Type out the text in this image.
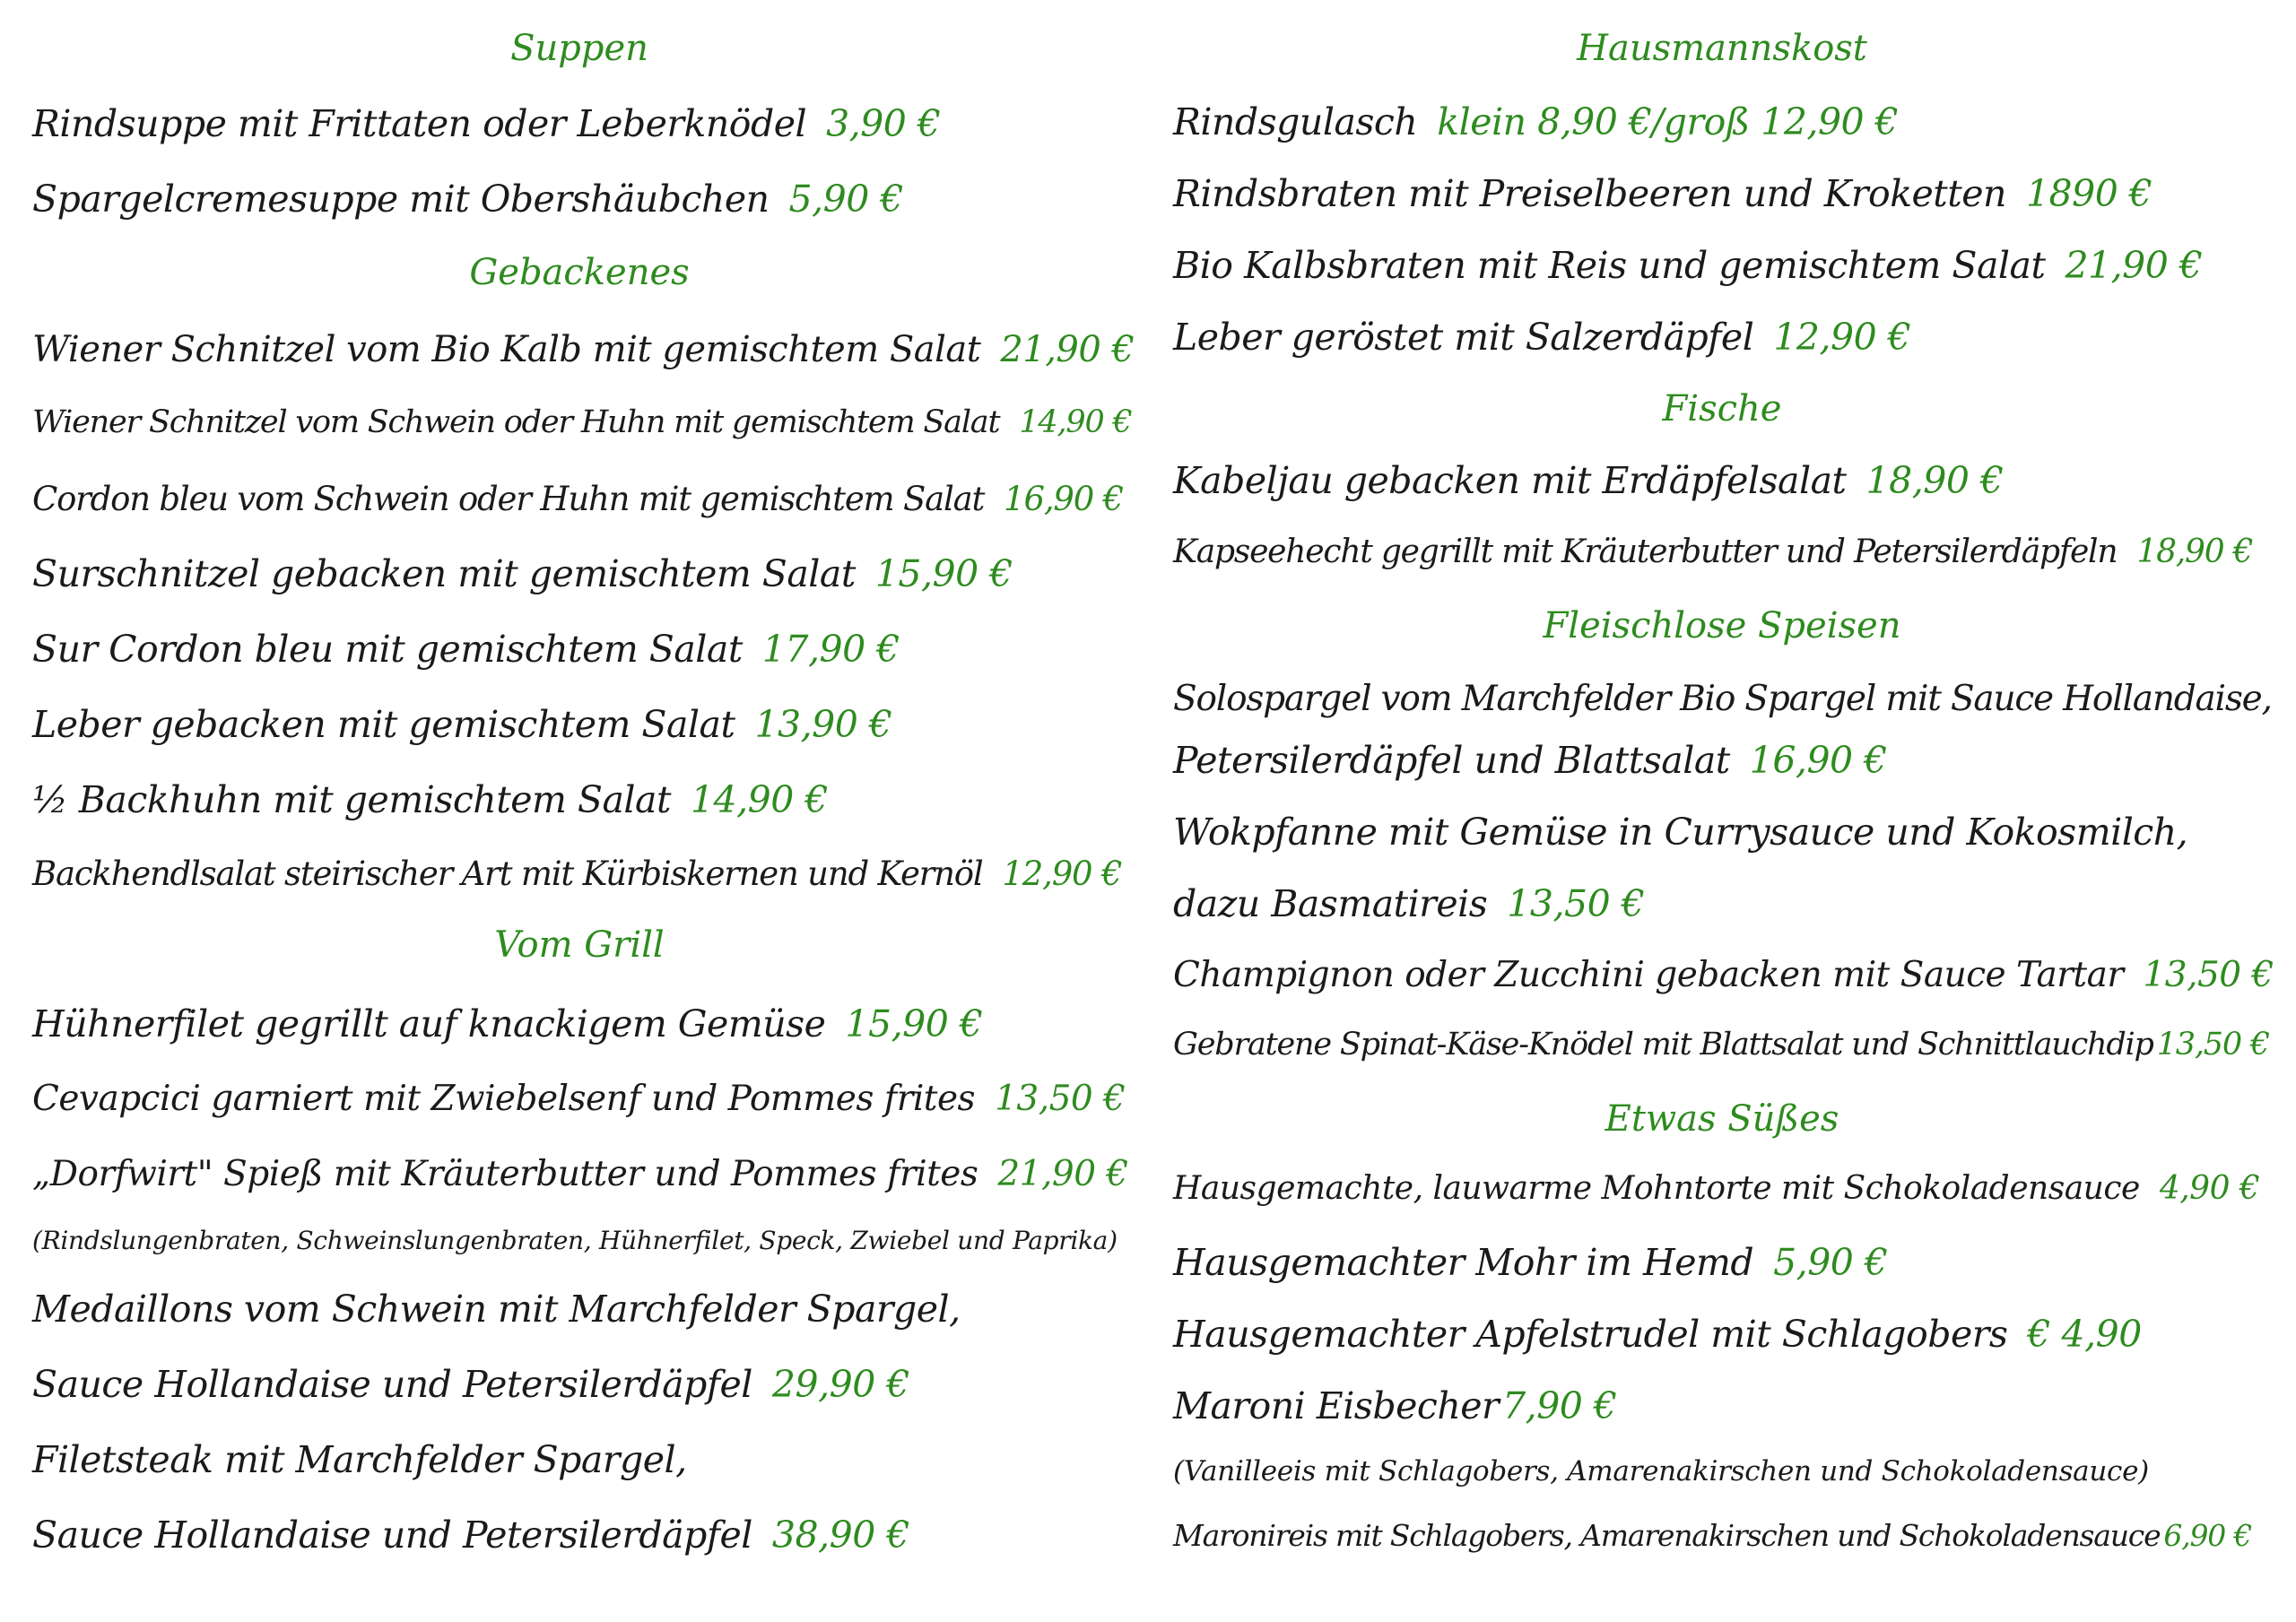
Suppen
Rindsuppe mit Frittaten oder Leberknödel 3,90 €
Spargelcremesuppe mit Obershäubchen 5,90 €
Gebackenes
Wiener Schnitzel vom Bio Kalb mit gemischtem Salat 21,90 €
Wiener Schnitzel vom Schwein oder Huhn mit gemischtem Salat 14,90 €
Cordon bleu vom Schwein oder Huhn mit gemischtem Salat 16,90 €
Surschnitzel gebacken mit gemischtem Salat 15,90 €
Sur Cordon bleu mit gemischtem Salat 17,90 €
Leber gebacken mit gemischtem Salat 13,90 €
½ Backhuhn mit gemischtem Salat 14,90 €
Backhendlsalat steirischer Art mit Kürbiskernen und Kernöl 12,90 €
Vom Grill
Hühnerfilet gegrillt auf knackigem Gemüse 15,90 €
Cevapcici garniert mit Zwiebelsenf und Pommes frites 13,50 €
„Dorfwirt" Spieß mit Kräuterbutter und Pommes frites 21,90 €
(Rindslungenbraten, Schweinslungenbraten, Hühnerfilet, Speck, Zwiebel und Paprika)
Medaillons vom Schwein mit Marchfelder Spargel,
Sauce Hollandaise und Petersilerdäpfel 29,90 €
Filetsteak mit Marchfelder Spargel,
Sauce Hollandaise und Petersilerdäpfel 38,90 €
Hausmannskost
Rindsgulasch klein 8,90 €/groß 12,90 €
Rindsbraten mit Preiselbeeren und Kroketten 1890 €
Bio Kalbsbraten mit Reis und gemischtem Salat 21,90 €
Leber geröstet mit Salzerdäpfel 12,90 €
Fische
Kabeljau gebacken mit Erdäpfelsalat 18,90 €
Kapseehecht gegrillt mit Kräuterbutter und Petersilerdäpfeln 18,90 €
Fleischlose Speisen
Solospargel vom Marchfelder Bio Spargel mit Sauce Hollandaise,
Petersilerdäpfel und Blattsalat 16,90 €
Wokpfanne mit Gemüse in Currysauce und Kokosmilch,
dazu Basmatireis 13,50 €
Champignon oder Zucchini gebacken mit Sauce Tartar 13,50 €
Gebratene Spinat-Käse-Knödel mit Blattsalat und Schnittlauchdip 13,50 €
Etwas Süßes
Hausgemachte, lauwarme Mohntorte mit Schokoladensauce 4,90 €
Hausgemachter Mohr im Hemd 5,90 €
Hausgemachter Apfelstrudel mit Schlagobers € 4,90
Maroni Eisbecher7,90 €
(Vanilleeis mit Schlagobers, Amarenakirschen und Schokoladensauce)
Maronireis mit Schlagobers, Amarenakirschen und Schokoladensauce 6,90 €
